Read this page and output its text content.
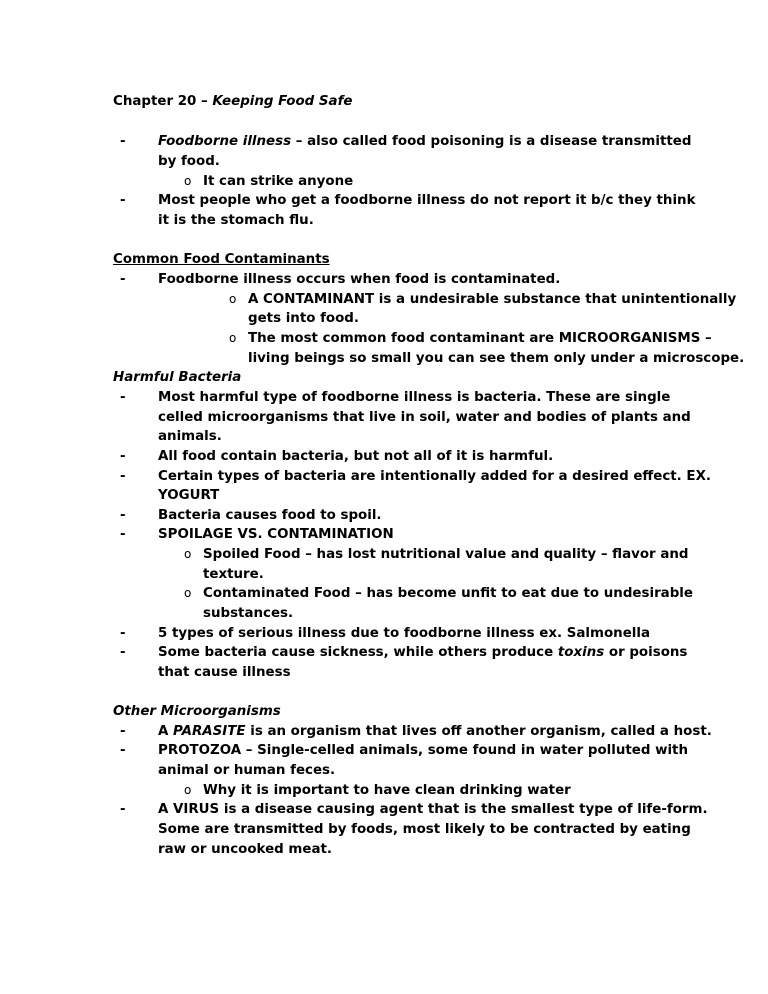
Chapter 20 – Keeping Food Safe
- Foodborne illness – also called food poisoning is a disease transmitted
by food.
o It can strike anyone
- Most people who get a foodborne illness do not report it b/c they think
it is the stomach flu.
Common Food Contaminants
- Foodborne illness occurs when food is contaminated.
o A CONTAMINANT is a undesirable substance that unintentionally
gets into food.
o The most common food contaminant are MICROORGANISMS –
living beings so small you can see them only under a microscope.
Harmful Bacteria
- Most harmful type of foodborne illness is bacteria. These are single
celled microorganisms that live in soil, water and bodies of plants and
animals.
- All food contain bacteria, but not all of it is harmful.
- Certain types of bacteria are intentionally added for a desired effect. EX.
YOGURT
- Bacteria causes food to spoil.
- SPOILAGE VS. CONTAMINATION
o Spoiled Food – has lost nutritional value and quality – flavor and
texture.
o Contaminated Food – has become unfit to eat due to undesirable
substances.
- 5 types of serious illness due to foodborne illness ex. Salmonella
- Some bacteria cause sickness, while others produce toxins or poisons
that cause illness
Other Microorganisms
- A PARASITE is an organism that lives off another organism, called a host.
- PROTOZOA – Single-celled animals, some found in water polluted with
animal or human feces.
o Why it is important to have clean drinking water
- A VIRUS is a disease causing agent that is the smallest type of life-form.
Some are transmitted by foods, most likely to be contracted by eating
raw or uncooked meat.
